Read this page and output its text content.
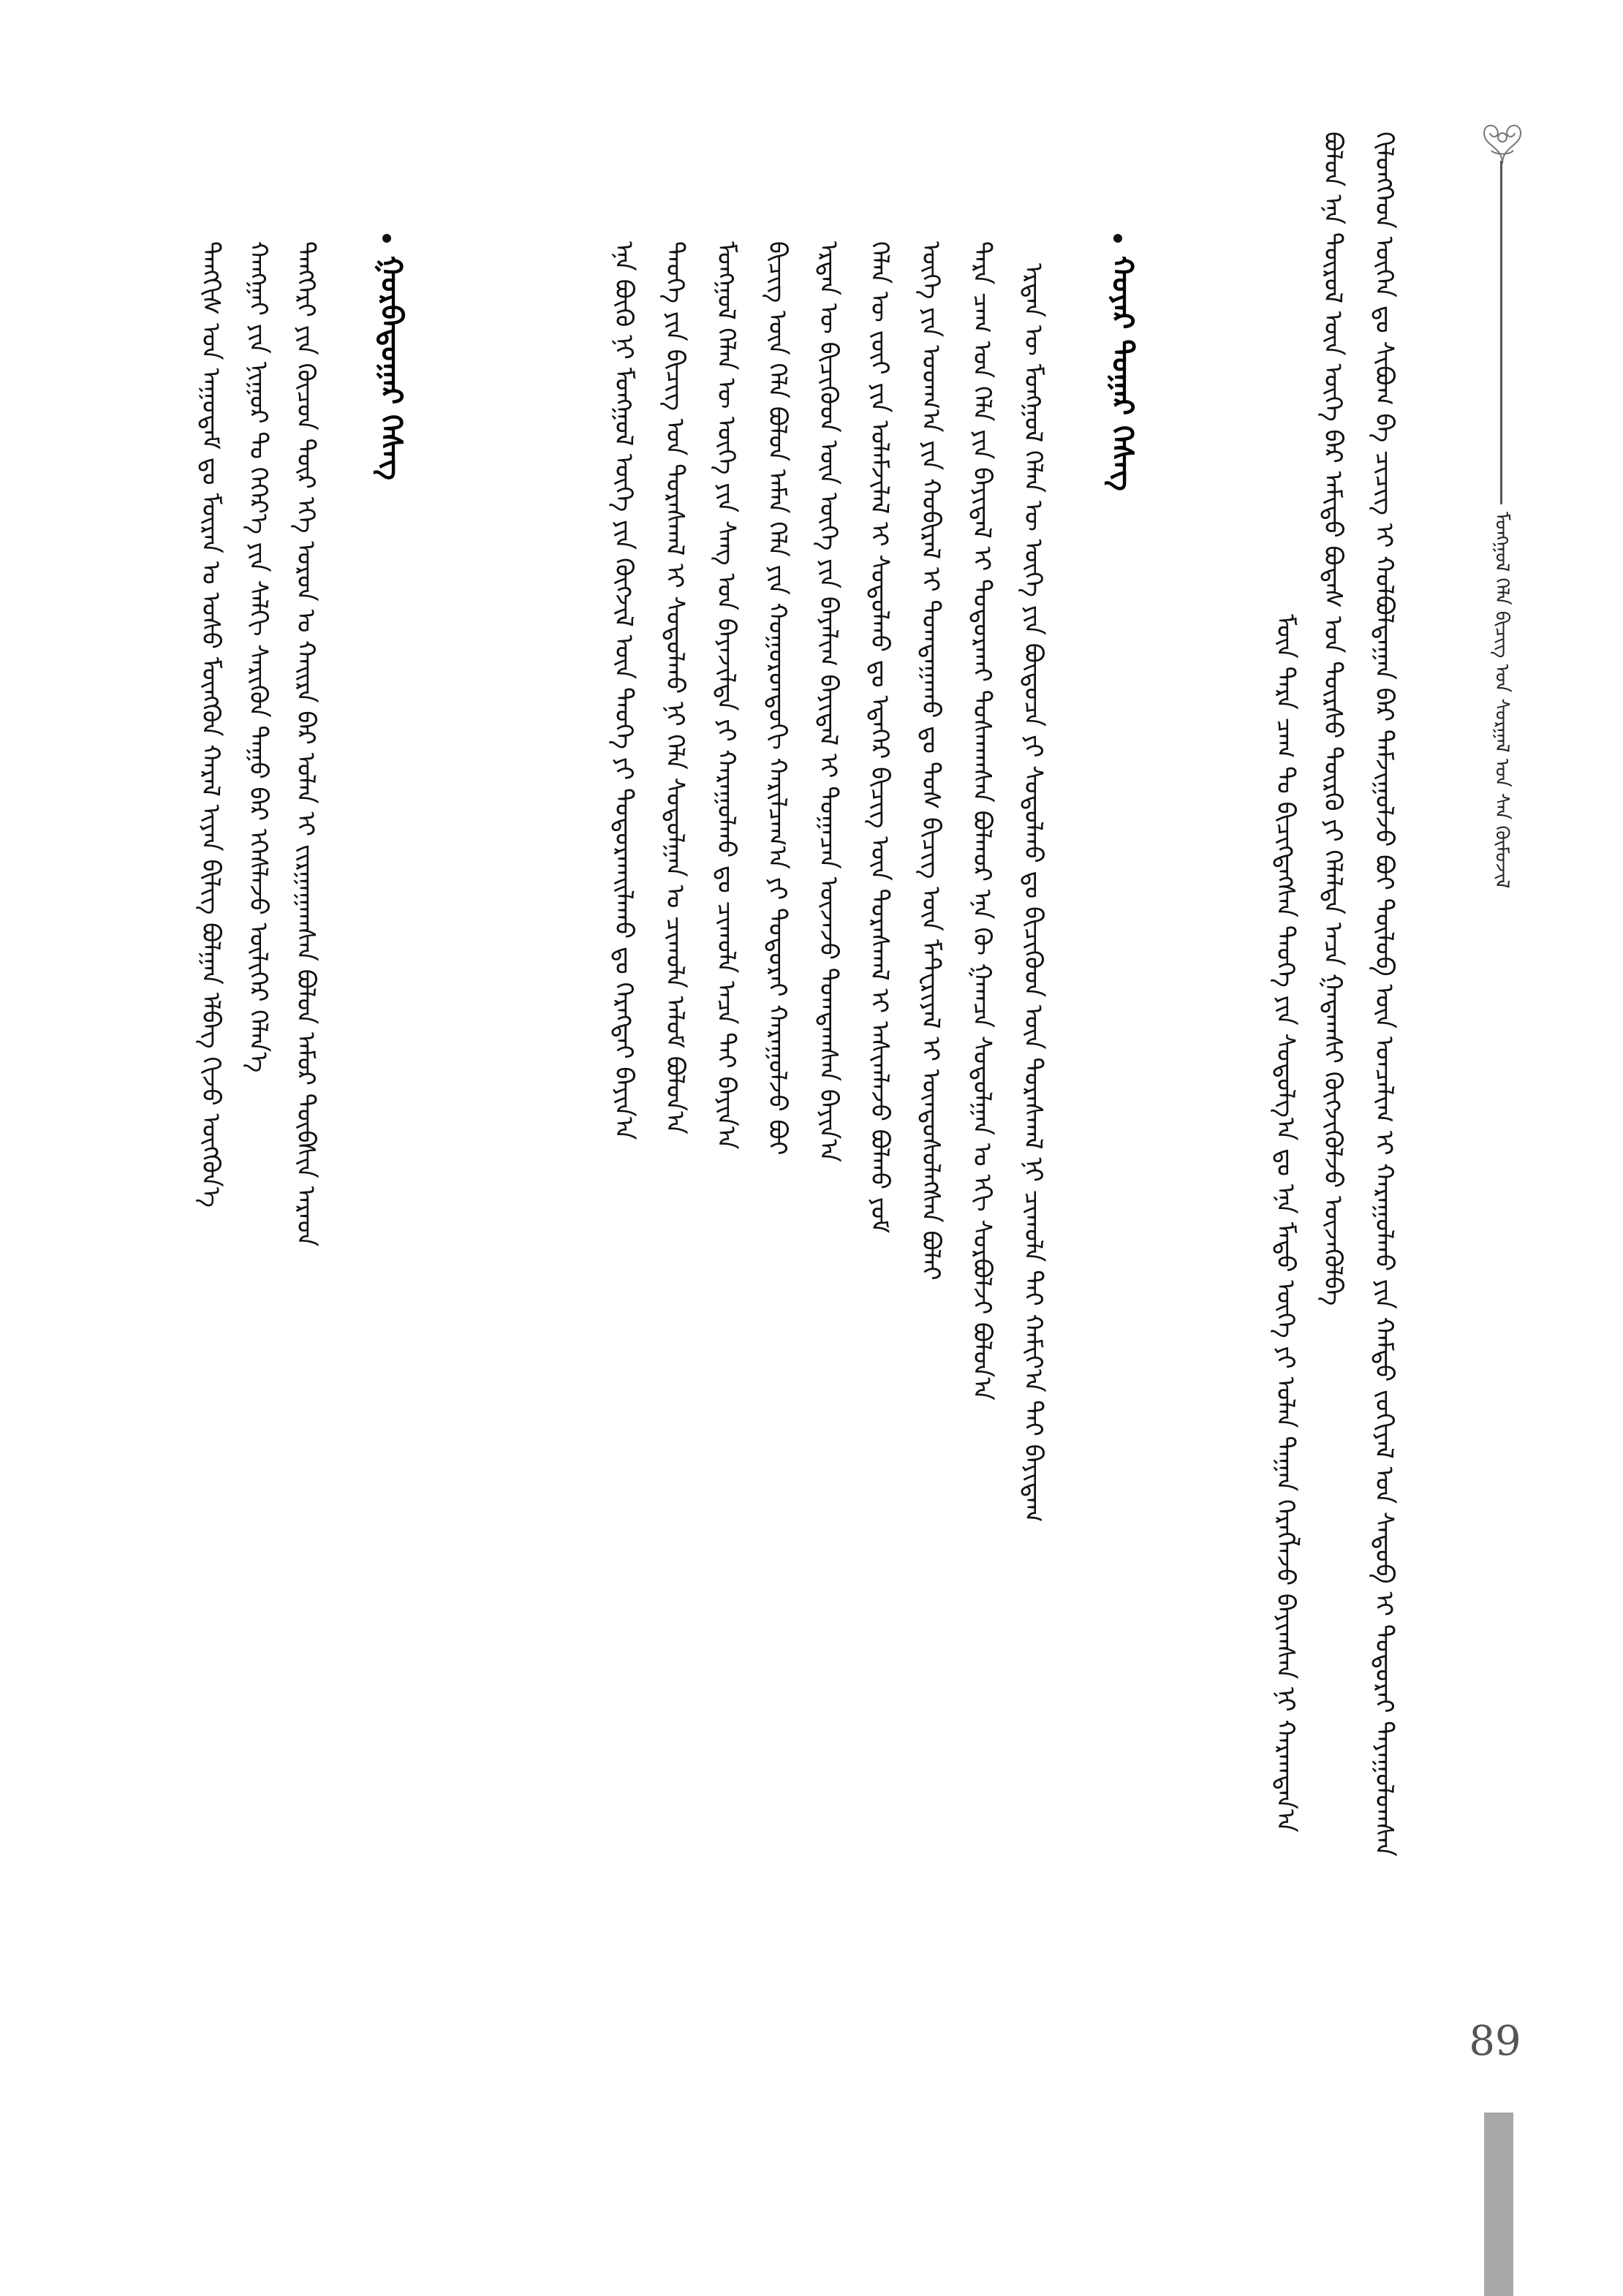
ᠮᠣᠩᠭᠣᠯ ᠬᠡᠯᠡ ᠪᠢᠴᠢᠭ ᠤᠨ ᠰᠤᠷᠭᠠᠯ ᠤᠨ ᠰᠠᠨ ᠬᠥᠮᠦᠵᠢᠯ
ᠬᠢᠯᠦᠩᠭᠡᠳ ᠦᠭᠡᠨ ᠳᠣ ᠰᠢᠪᠤᠭ ᠪᠡ ᠴᠢᠴᠢᠭ ᠢ ᠬᠣᠯᠪᠣᠯᠳᠠᠭᠠᠨ ᠪᠡᠷ ᠳᠠᠮᠵᠢᠭᠤᠯᠵᠤ ᠪᠤᠢ ᠲᠥᠯᠦᠪ ᠦᠨ ᠣᠨᠴᠠᠯᠢᠭ ᠢ ᠬᠠᠷᠠᠭᠤᠯᠬᠤ ᠶᠢᠨ ᠬᠠᠮᠲᠤ ᠵᠣᠬᠢᠶᠠᠯ ᠤᠨ ᠰᠡᠳᠦᠪ ᠢ ᠲᠣᠳᠣᠷᠠᠢ ᠳᠠᠶᠠᠭᠤᠯᠤᠭᠰᠠᠨ
ᠪᠤᠯᠤᠨ ᠡᠨᠡ ᠲᠥᠷᠥᠯ ᠦᠨ ᠦᠭᠡ ᠪᠠᠷ ᠠᠮᠢᠳᠤ ᠪᠣᠳᠠᠰ ᠤᠨ ᠳᠦᠷᠰᠦ ᠲᠥᠷᠬᠦ ᠶᠢ ᠬᠡᠯᠡᠯᠲᠡ ᠠᠴᠠ ᠭᠠᠳᠠᠭᠰᠢ ᠬᠥᠭᠵᠢᠭᠦᠯᠵᠦ ᠦᠵᠡᠭᠦᠯᠪᠡ
ᠮᠥᠨ ᠲᠡᠷᠡ ᠴᠠᠭ ᠲᠤ ᠪᠢᠴᠢᠭᠳᠡᠭᠰᠡᠨ ᠲᠡᠦᠬᠡ ᠶᠢᠨ ᠰᠤᠳᠤᠯᠭ᠎ᠠ ᠳᠤ ᠡᠨᠡ ᠮᠡᠲᠦ ᠦᠭᠡ ᠶᠢ ᠣᠯᠠᠨ ᠳᠠᠭᠠᠨ ᠬᠡᠷᠡᠭᠯᠡᠵᠦ ᠪᠠᠶᠢᠭᠰᠠᠨ ᠨᠢ ᠬᠠᠷᠠᠭᠳᠠᠨ᠎ᠠ
ᠬᠣᠶᠠᠷ ᠳᠤᠭᠠᠷ ᠬᠡᠰᠡᠭ
ᠡᠷᠲᠡᠨ ᠦ ᠮᠣᠩᠭᠣᠯ ᠬᠡᠯᠡᠨ ᠦ ᠦᠭᠡ ᠶᠢᠨ ᠪᠦᠲᠦᠴᠡ ᠶᠢ ᠰᠤᠳᠤᠯᠬᠤ ᠳᠤ ᠪᠢᠴᠢᠭᠦᠳ ᠦᠨ ᠳᠤᠷᠠᠰᠬᠠᠯ ᠨᠢ ᠴᠢᠬᠤᠯᠠ ᠲᠡᠢ ᠬᠠᠮᠢᠶ᠎ᠠ ᠲᠠᠶ ᠪᠠᠶᠢᠳᠠᠭ
ᠲᠡᠷᠡ ᠴᠠᠭ ᠤᠨ ᠬᠡᠯᠡ ᠶᠢᠨ ᠪᠠᠶᠢᠳᠠᠯ ᠢ ᠲᠣᠳᠣᠷᠬᠠᠢ ᠲᠤᠰᠬᠠᠭᠰᠠᠨ ᠪᠣᠯᠬᠣᠷ ᠡᠨᠡ ᠬᠦ ᠭᠠᠭᠴᠠ ᠰᠤᠳᠤᠯᠭᠠᠨ ᠤ ᠡᠬᠢ ᠰᠤᠷᠪᠤᠯᠵᠢ ᠪᠣᠯᠤᠨ᠎ᠠ
ᠦᠭᠡ ᠶᠢᠨ ᠤᠳᠬ᠎ᠠ ᠶᠢᠨ ᠬᠤᠪᠢᠷᠠᠯ ᠢ ᠲᠣᠭᠲᠠᠭᠠᠬᠤ ᠳᠤ ᠲᠤᠰ ᠪᠢᠴᠢᠭ ᠦᠨ ᠮᠠᠲᠧᠷᠢᠶᠠᠯ ᠢ ᠦᠨᠳᠦᠰᠦᠯᠡᠭᠰᠡᠨ ᠪᠣᠯᠠᠢ
ᠬᠡᠯᠡᠨ ᠦ ᠵᠦᠢ ᠶᠢᠨ ᠤᠯᠠᠮᠵᠢᠯᠠᠯ ᠢ ᠰᠤᠳᠤᠯᠬᠤ ᠳᠤ ᠡᠳᠡᠭᠡᠷ ᠪᠢᠴᠢᠭ ᠦᠨ ᠳᠤᠷᠠᠰᠬᠠᠯ ᠢ ᠠᠰᠢᠭᠯᠠᠵᠤ ᠪᠣᠯᠬᠤ ᠶᠤᠮ
ᠡᠷᠲᠡᠨ ᠦ ᠪᠢᠴᠢᠭᠦᠳ ᠦᠨ ᠦᠭᠡ ᠶᠢᠨ ᠪᠠᠶᠠᠯᠢᠭ ᠪᠠᠶᠢᠳᠠᠯ ᠢ ᠲᠣᠭᠠᠴᠠᠨ ᠦᠵᠡᠵᠦ ᠲᠣᠭᠲᠠᠭᠰᠠᠨ ᠪᠠᠶᠢᠨ᠎ᠠ
ᠪᠢᠴᠢᠭ ᠦᠨ ᠬᠡᠯᠡ ᠪᠣᠯᠤᠨ ᠠᠮᠠᠨ ᠬᠡᠯᠡ ᠶᠢᠨ ᠬᠣᠭᠣᠷᠣᠨᠳᠤᠬᠢ ᠬᠠᠷᠢᠯᠴᠠᠭ᠎ᠠ ᠶᠢ ᠲᠣᠳᠣᠷᠠᠢ ᠬᠠᠷᠠᠭᠤᠯᠵᠤ ᠪᠤᠢ
ᠮᠣᠩᠭᠣᠯ ᠬᠡᠯᠡᠨ ᠦ ᠦᠭᠡ ᠶᠢᠨ ᠰᠠᠩ ᠤᠨ ᠪᠠᠶᠠᠵᠢᠯᠲᠠ ᠶᠢ ᠬᠠᠷᠠᠭᠤᠯᠬᠤ ᠳᠤ ᠴᠢᠬᠤᠯᠠ ᠠᠴᠠ ᠲᠠᠢ ᠪᠠᠶᠢᠨ᠎ᠠ
ᠲᠡᠦᠬᠡ ᠶᠢᠨ ᠪᠢᠴᠢᠭ ᠤᠨ ᠳᠤᠷᠠᠰᠬᠠᠯ ᠢ ᠰᠤᠳᠤᠯᠬᠤ ᠨᠢ ᠬᠡᠯᠡ ᠰᠤᠳᠤᠯᠭᠠᠨ ᠤ ᠴᠢᠬᠤᠯᠠ ᠠᠯᠤᠮ ᠪᠣᠯᠤᠨ᠎ᠠ
ᠡᠨᠡ ᠪᠦᠬᠦ ᠨᠢ ᠮᠣᠩᠭᠣᠯ ᠦᠭᠡ ᠶᠢᠨ ᠬᠥᠭᠵᠢᠯ ᠦᠨ ᠲᠡᠦᠬᠡ ᠶᠢ ᠲᠣᠳᠣᠷᠬᠠᠢᠯᠠᠬᠤ ᠳᠤ ᠬᠡᠷᠡᠭᠲᠡᠢ ᠪᠠᠶᠢᠨ᠎ᠠ
ᠭᠤᠷᠪᠠᠳᠤᠭᠠᠷ ᠬᠡᠰᠡᠭ
ᠲᠡᠩᠭᠡᠷᠢ ᠶᠢᠨ ᠬᠦᠴᠦᠨ ᠳᠦᠷ ᠡᠬᠡ ᠣᠷᠣᠨ ᠤ ᠬᠠᠢᠷᠠ ᠪᠠᠷ ᠣᠯᠠᠨ ᠢ ᠵᠢᠷᠭᠠᠭᠠᠭᠰᠠᠨ ᠪᠣᠯᠤᠨ ᠠᠮᠤᠷ ᠲᠦᠪᠰᠢᠨ ᠠᠷᠠᠳ
ᠬᠠᠩᠭᠠᠢ ᠶᠢᠨ ᠨᠢᠭᠤᠷ ᠲᠤ ᠬᠡᠭᠡᠷ᠎ᠡ ᠶᠢᠨ ᠰᠠᠯᠬᠢ ᠰᠡᠷᠢᠭᠦᠨ ᠳᠠᠭᠤ ᠪᠠᠷ ᠡᠭᠡᠰᠯᠡᠵᠦ ᠦᠯᠢᠭᠡᠷ ᠬᠡᠯᠡᠨ᠎ᠡ
ᠲᠡᠩᠭᠢᠰ ᠤᠨ ᠠᠭᠤᠳᠠᠮ ᠳᠤ ᠮᠥᠷᠡᠨ ᠤ ᠤᠰᠤ ᠮᠥᠩᠭᠦᠨ ᠬᠠᠷᠠᠯ ᠢᠶᠠᠨ ᠪᠢᠯᠢᠭ ᠪᠣᠯᠭᠠᠨ ᠡᠯᠪᠡᠭ ᠬᠢᠵᠦ ᠦᠭᠭᠦᠨ᠎ᠡ
89
